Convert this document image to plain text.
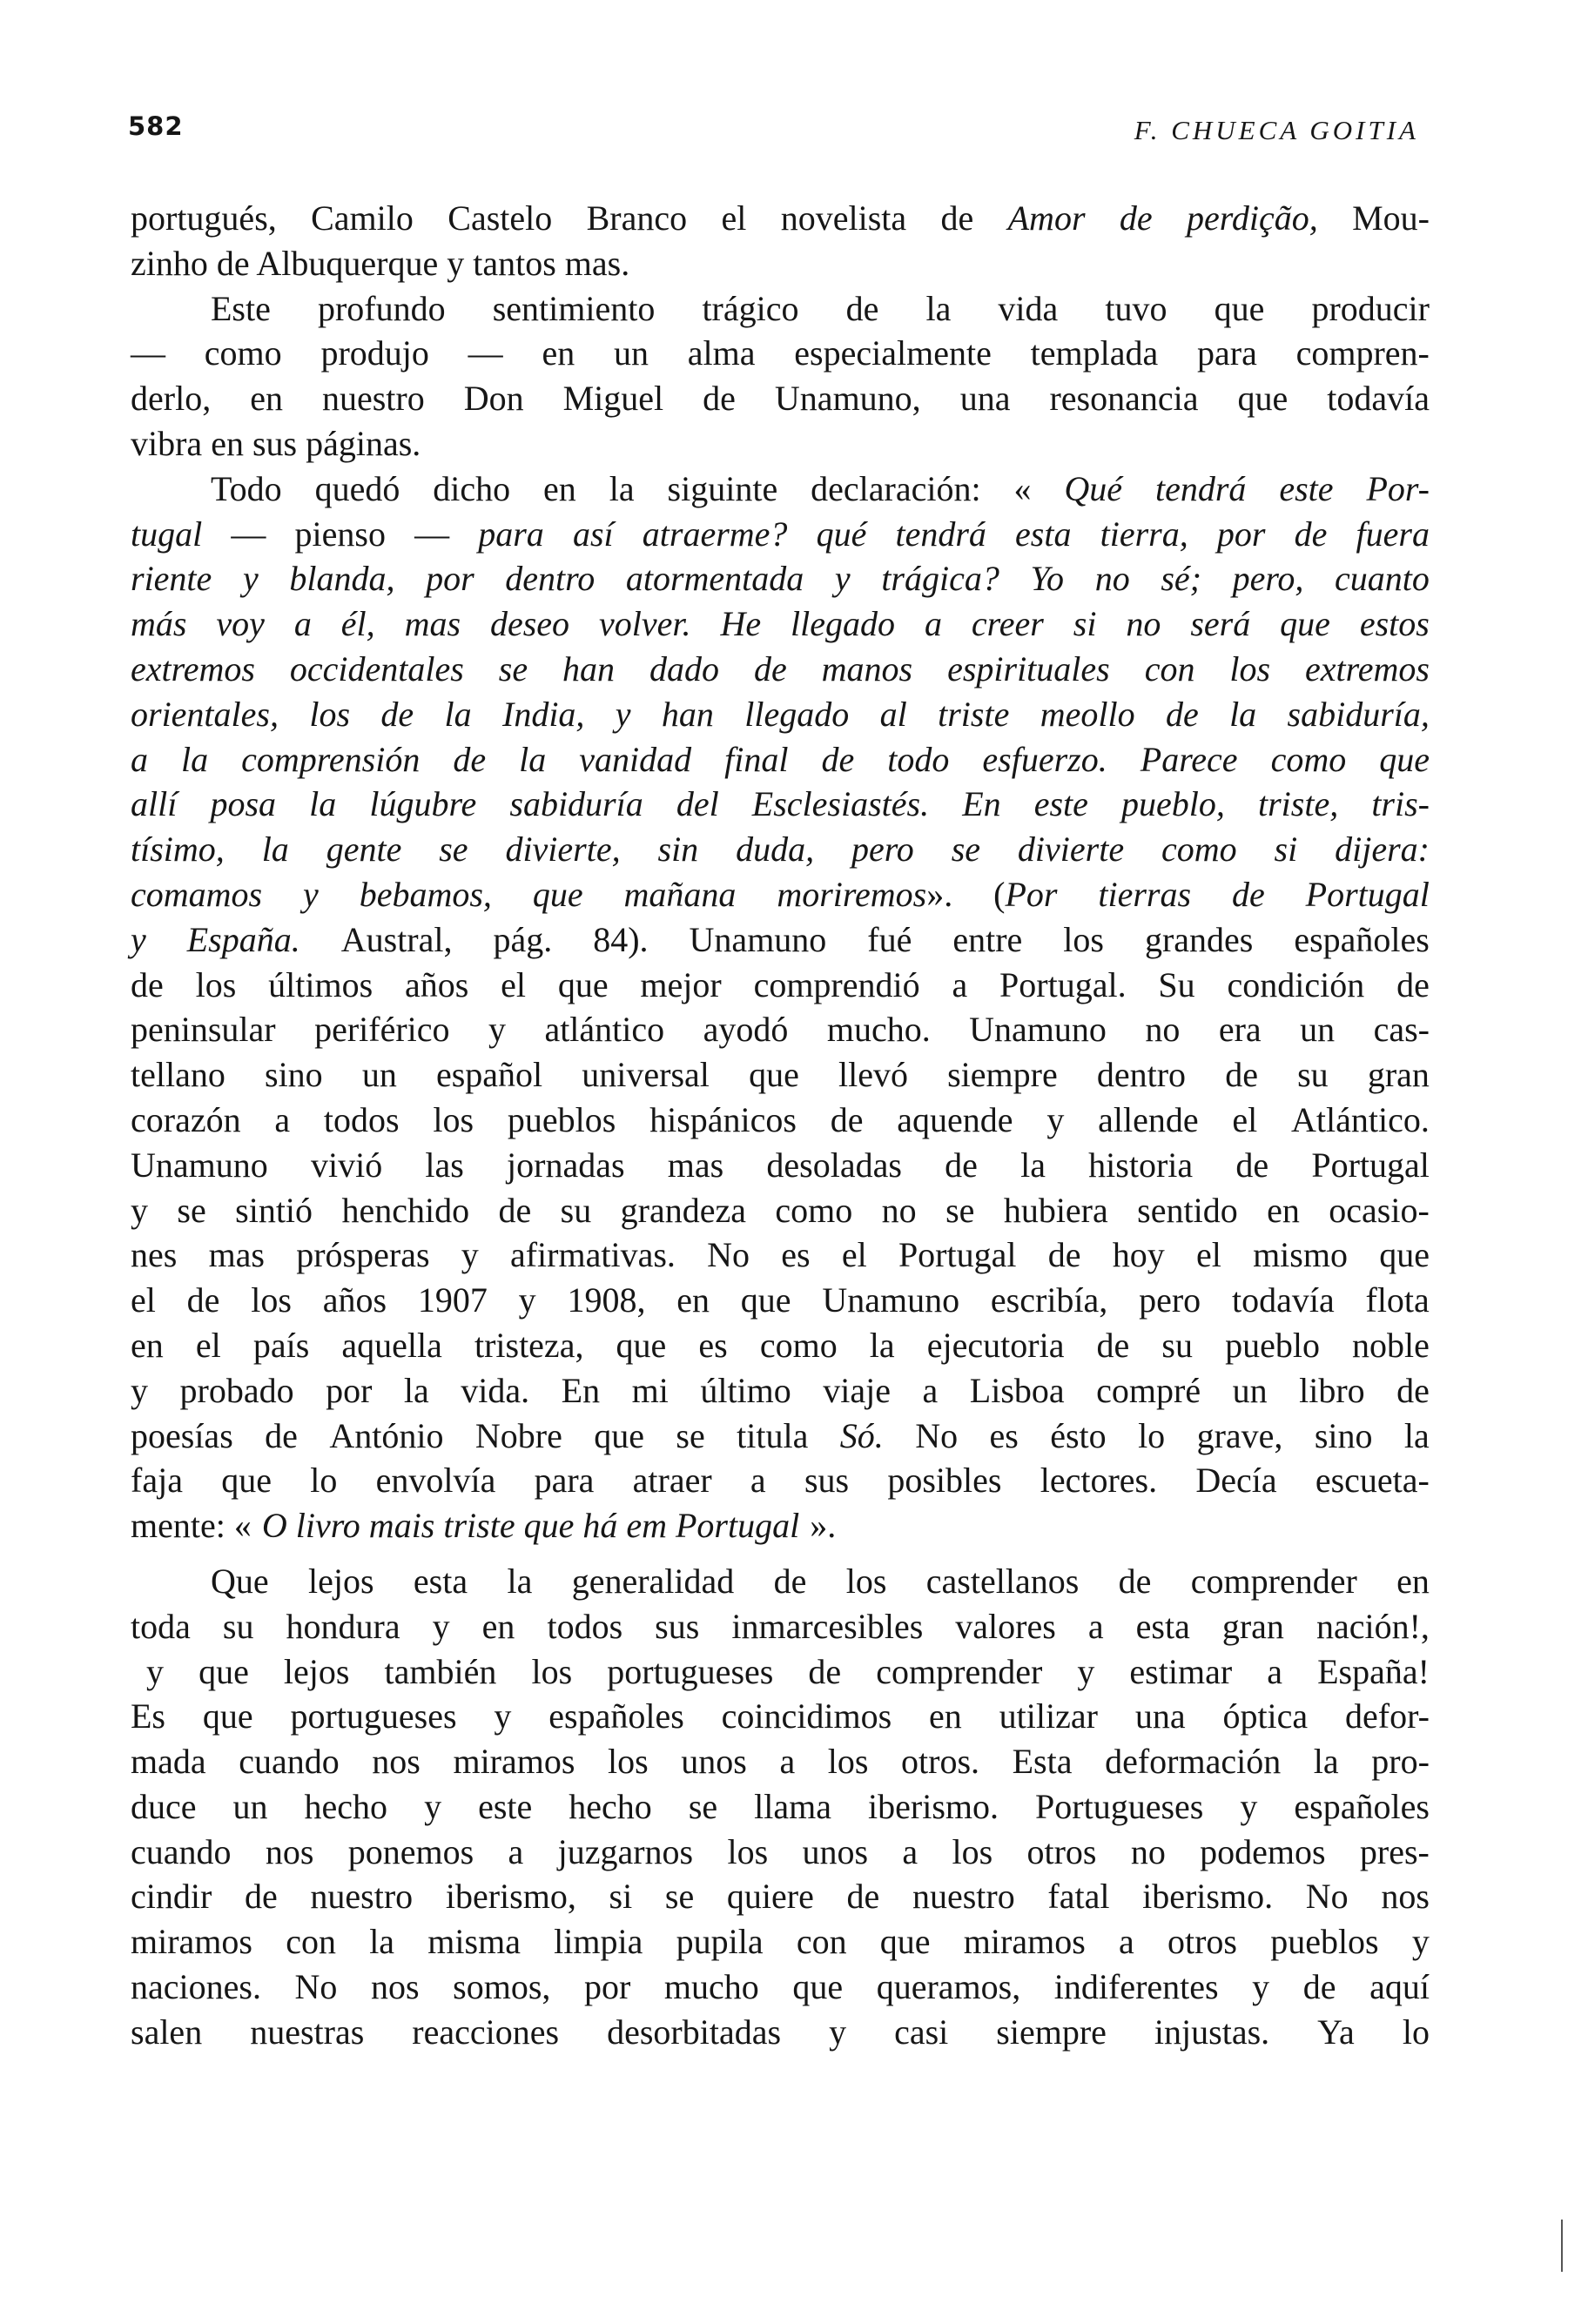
582	F. CHUECA GOITIA
portugués, Camilo Castelo Branco el novelista de Amor de perdição, Mou-
zinho de Albuquerque y tantos mas.
Este profundo sentimiento trágico de la vida tuvo que producir
— como produjo — en un alma especialmente templada para compren-
derlo, en nuestro Don Miguel de Unamuno, una resonancia que todavía
vibra en sus páginas.
Todo quedó dicho en la siguinte declaración: « Qué tendrá este Por-
tugal — pienso — para así atraerme? qué tendrá esta tierra, por de fuera
riente y blanda, por dentro atormentada y trágica? Yo no sé; pero, cuanto
más voy a él, mas deseo volver. He llegado a creer si no será que estos
extremos occidentales se han dado de manos espirituales con los extremos
orientales, los de la India, y han llegado al triste meollo de la sabiduría,
a la comprensión de la vanidad final de todo esfuerzo. Parece como que
allí posa la lúgubre sabiduría del Esclesiastés. En este pueblo, triste, tris-
tísimo, la gente se divierte, sin duda, pero se divierte como si dijera:
comamos y bebamos, que mañana moriremos». (Por tierras de Portugal
y España. Austral, pág. 84). Unamuno fué entre los grandes españoles
de los últimos años el que mejor comprendió a Portugal. Su condición de
peninsular periférico y atlántico ayodó mucho. Unamuno no era un cas-
tellano sino un español universal que llevó siempre dentro de su gran
corazón a todos los pueblos hispánicos de aquende y allende el Atlántico.
Unamuno vivió las jornadas mas desoladas de la historia de Portugal
y se sintió henchido de su grandeza como no se hubiera sentido en ocasio-
nes mas prósperas y afirmativas. No es el Portugal de hoy el mismo que
el de los años 1907 y 1908, en que Unamuno escribía, pero todavía flota
en el país aquella tristeza, que es como la ejecutoria de su pueblo noble
y probado por la vida. En mi último viaje a Lisboa compré un libro de
poesías de António Nobre que se titula Só. No es ésto lo grave, sino la
faja que lo envolvía para atraer a sus posibles lectores. Decía escueta-
mente: « O livro mais triste que há em Portugal ».
Que lejos esta la generalidad de los castellanos de comprender en
toda su hondura y en todos sus inmarcesibles valores a esta gran nación!,
y que lejos también los portugueses de comprender y estimar a España!
Es que portugueses y españoles coincidimos en utilizar una óptica defor-
mada cuando nos miramos los unos a los otros. Esta deformación la pro-
duce un hecho y este hecho se llama iberismo. Portugueses y españoles
cuando nos ponemos a juzgarnos los unos a los otros no podemos pres-
cindir de nuestro iberismo, si se quiere de nuestro fatal iberismo. No nos
miramos con la misma limpia pupila con que miramos a otros pueblos y
naciones. No nos somos, por mucho que queramos, indiferentes y de aquí
salen nuestras reacciones desorbitadas y casi siempre injustas. Ya lo
